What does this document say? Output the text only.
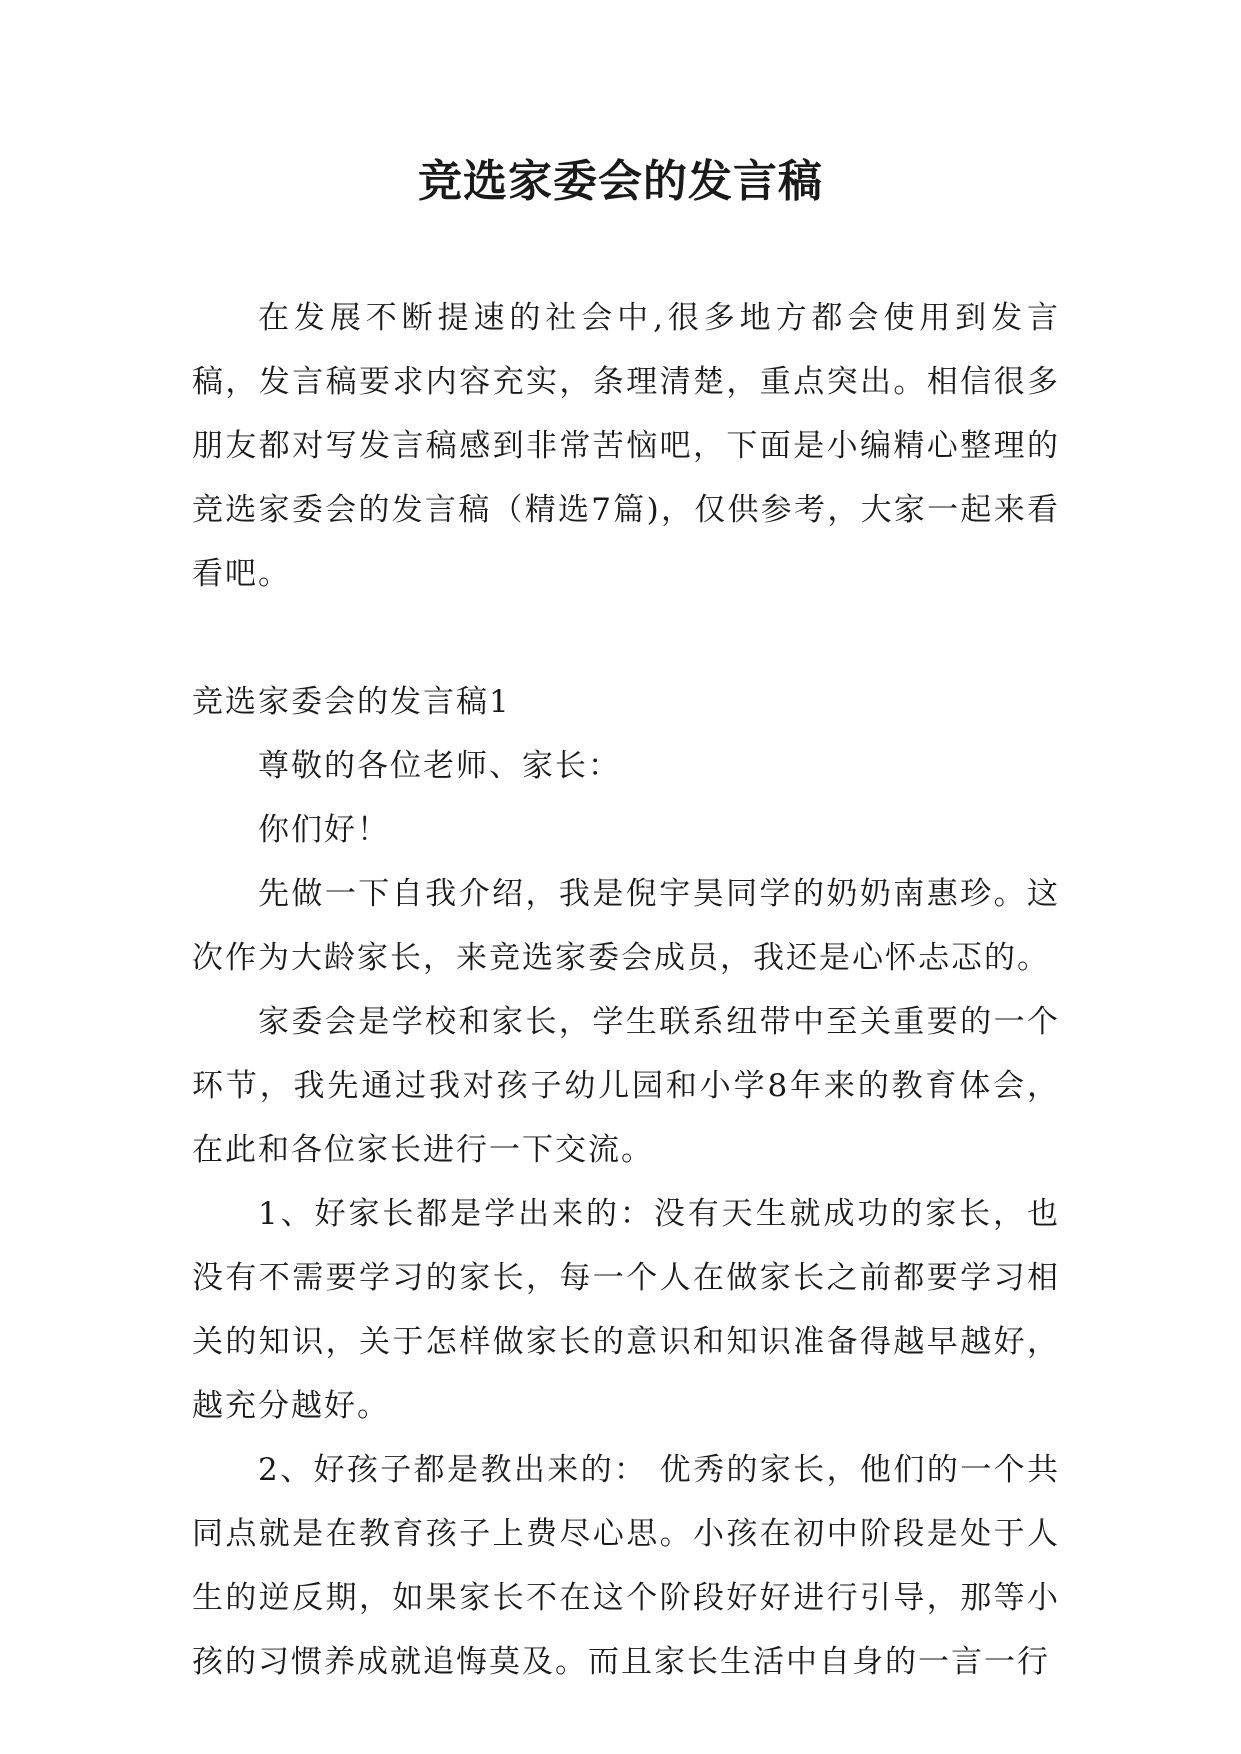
竞选家委会的发言稿

在发展不断提速的社会中,很多地方都会使用到发言稿，发言稿要求内容充实，条理清楚，重点突出。相信很多朋友都对写发言稿感到非常苦恼吧，下面是小编精心整理的竞选家委会的发言稿（精选7篇)，仅供参考，大家一起来看看吧。

竞选家委会的发言稿1

尊敬的各位老师、家长：

你们好！

先做一下自我介绍，我是倪宇昊同学的奶奶南惠珍。这次作为大龄家长，来竞选家委会成员，我还是心怀忐忑的。

家委会是学校和家长，学生联系纽带中至关重要的一个环节，我先通过我对孩子幼儿园和小学8年来的教育体会，在此和各位家长进行一下交流。

1、好家长都是学出来的：没有天生就成功的家长，也没有不需要学习的家长，每一个人在做家长之前都要学习相关的知识，关于怎样做家长的意识和知识准备得越早越好，越充分越好。

2、好孩子都是教出来的： 优秀的家长，他们的一个共同点就是在教育孩子上费尽心思。小孩在初中阶段是处于人生的逆反期，如果家长不在这个阶段好好进行引导，那等小孩的习惯养成就追悔莫及。而且家长生活中自身的一言一行
